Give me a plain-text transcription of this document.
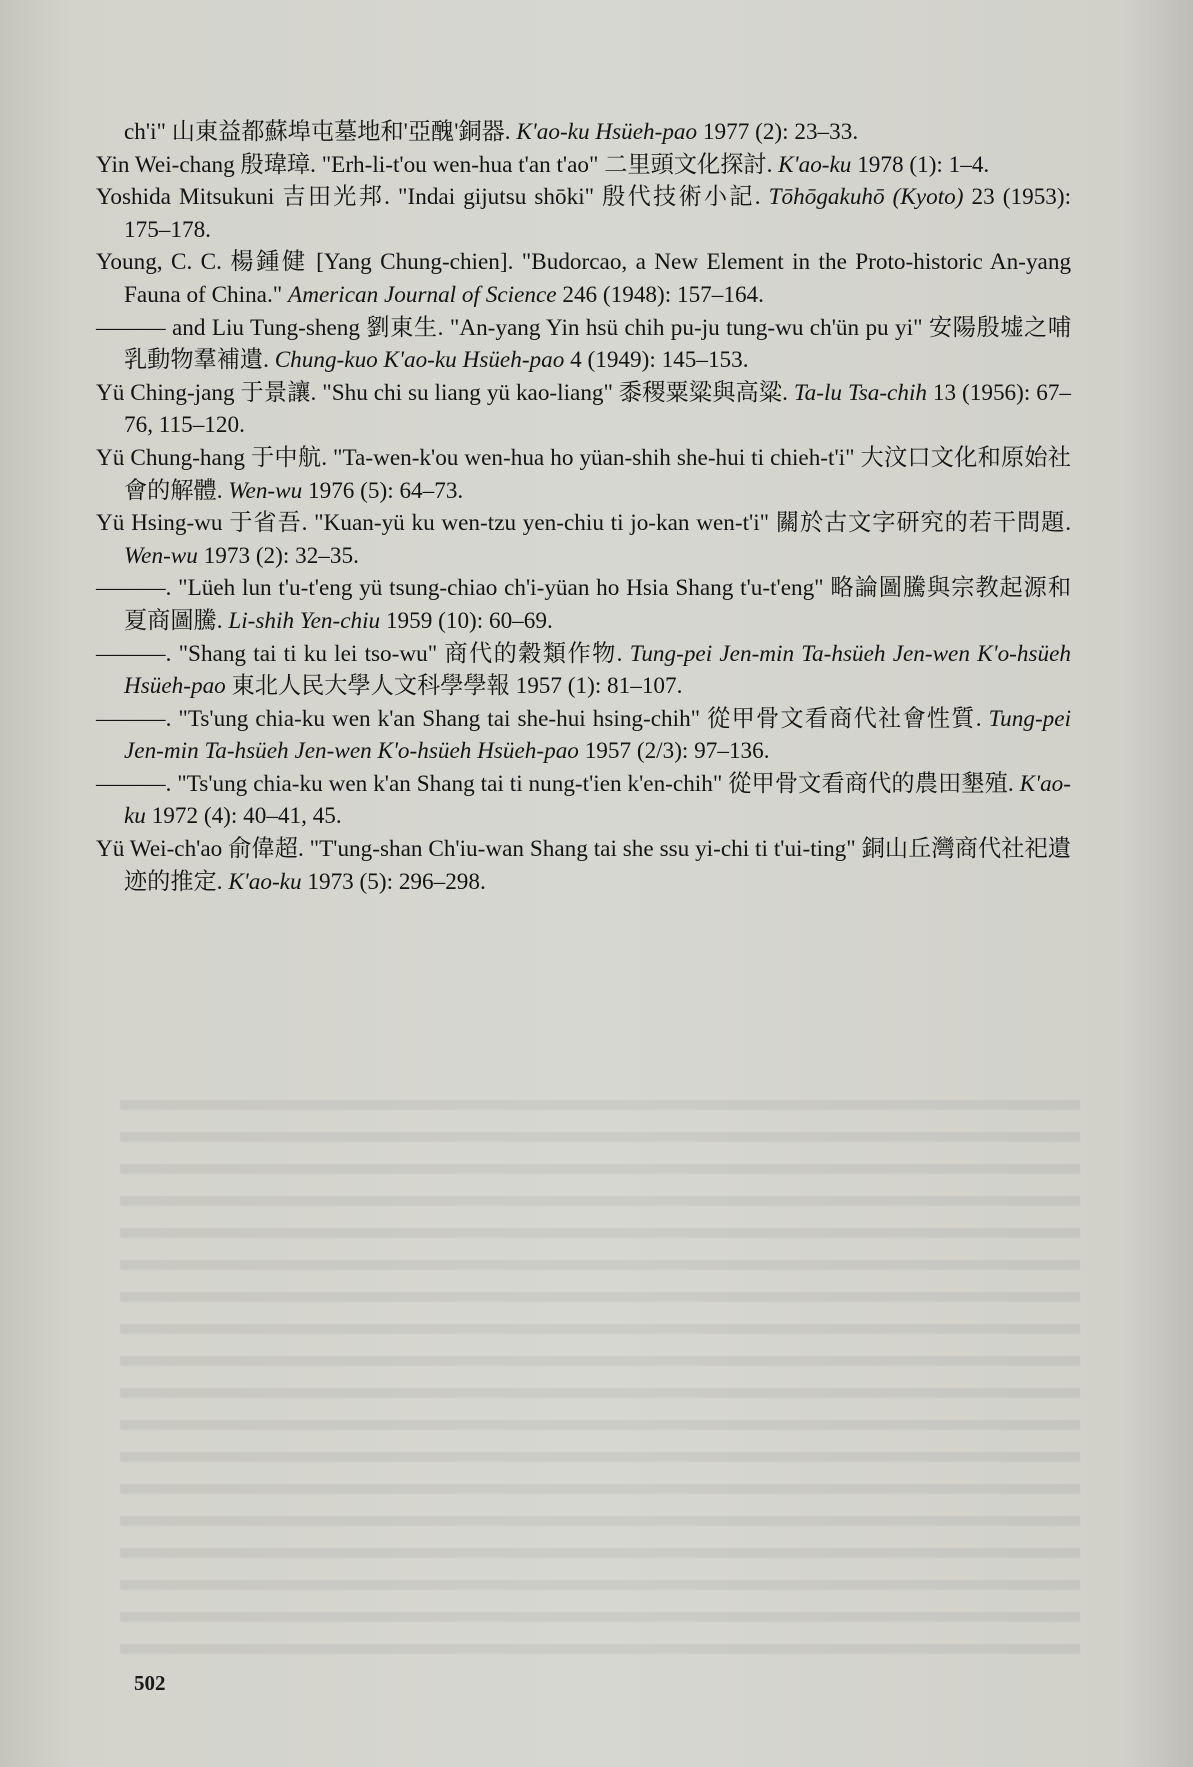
ch'i" 山東益都蘇埠屯墓地和'亞醜'銅器. K'ao-ku Hsüeh-pao 1977 (2): 23–33.
Yin Wei-chang 殷瑋璋. "Erh-li-t'ou wen-hua t'an t'ao" 二里頭文化探討. K'ao-ku 1978 (1): 1–4.
Yoshida Mitsukuni 吉田光邦. "Indai gijutsu shōki" 殷代技術小記. Tōhōgakuhō (Kyoto) 23 (1953): 175–178.
Young, C. C. 楊鍾健 [Yang Chung-chien]. "Budorcao, a New Element in the Proto-historic An-yang Fauna of China." American Journal of Science 246 (1948): 157–164.
——— and Liu Tung-sheng 劉東生. "An-yang Yin hsü chih pu-ju tung-wu ch'ün pu yi" 安陽殷墟之哺乳動物羣補遺. Chung-kuo K'ao-ku Hsüeh-pao 4 (1949): 145–153.
Yü Ching-jang 于景讓. "Shu chi su liang yü kao-liang" 黍稷粟粱與高粱. Ta-lu Tsa-chih 13 (1956): 67–76, 115–120.
Yü Chung-hang 于中航. "Ta-wen-k'ou wen-hua ho yüan-shih she-hui ti chieh-t'i" 大汶口文化和原始社會的解體. Wen-wu 1976 (5): 64–73.
Yü Hsing-wu 于省吾. "Kuan-yü ku wen-tzu yen-chiu ti jo-kan wen-t'i" 關於古文字研究的若干問題. Wen-wu 1973 (2): 32–35.
———. "Lüeh lun t'u-t'eng yü tsung-chiao ch'i-yüan ho Hsia Shang t'u-t'eng" 略論圖騰與宗教起源和夏商圖騰. Li-shih Yen-chiu 1959 (10): 60–69.
———. "Shang tai ti ku lei tso-wu" 商代的穀類作物. Tung-pei Jen-min Ta-hsüeh Jen-wen K'o-hsüeh Hsüeh-pao 東北人民大學人文科學學報 1957 (1): 81–107.
———. "Ts'ung chia-ku wen k'an Shang tai she-hui hsing-chih" 從甲骨文看商代社會性質. Tung-pei Jen-min Ta-hsüeh Jen-wen K'o-hsüeh Hsüeh-pao 1957 (2/3): 97–136.
———. "Ts'ung chia-ku wen k'an Shang tai ti nung-t'ien k'en-chih" 從甲骨文看商代的農田墾殖. K'ao-ku 1972 (4): 40–41, 45.
Yü Wei-ch'ao 俞偉超. "T'ung-shan Ch'iu-wan Shang tai she ssu yi-chi ti t'ui-ting" 銅山丘灣商代社祀遺迹的推定. K'ao-ku 1973 (5): 296–298.
502
